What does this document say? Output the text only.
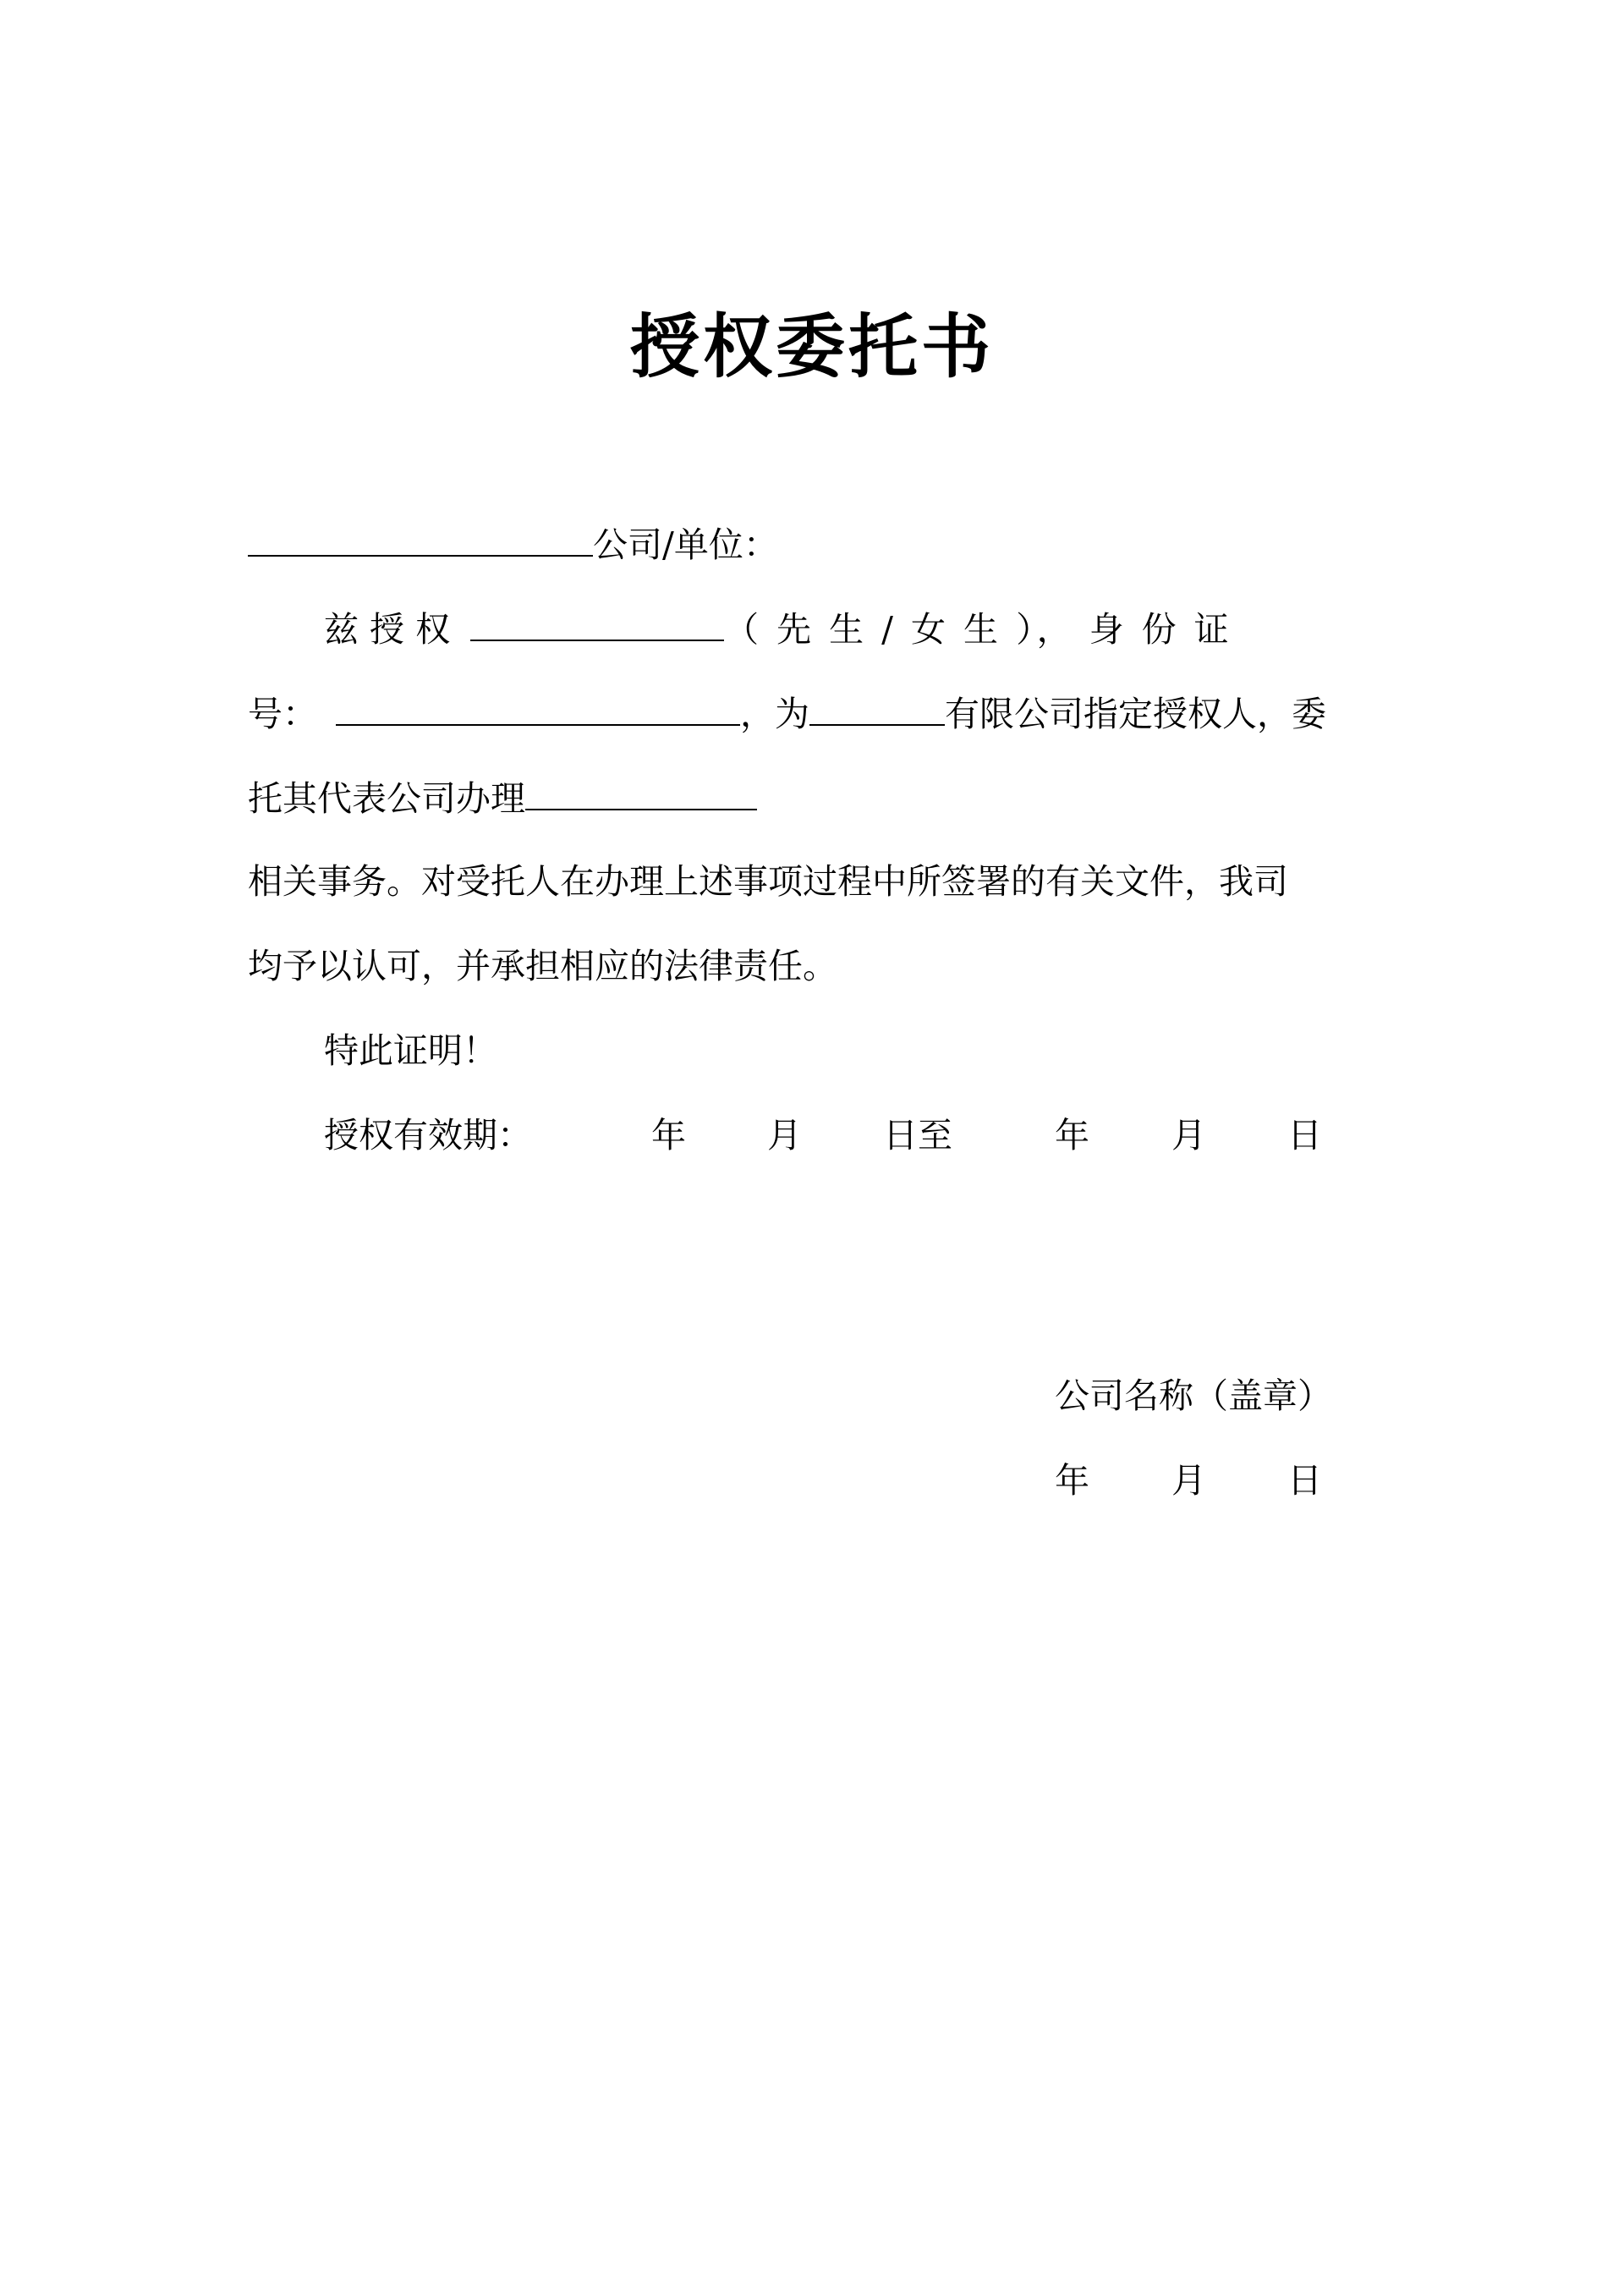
授权委托书
公司/单位：
兹 授 权	（ 先 生 / 女 生 ）， 身 份 证
号：	，为	有限公司指定授权人，委
托其代表公司办理
相关事务。对受托人在办理上述事项过程中所签署的有关文件，我司
均予以认可，并承担相应的法律责任。
特此证明！
授权有效期：	年 月 日至	年 月 日
公司名称（盖章）
年 月 日
